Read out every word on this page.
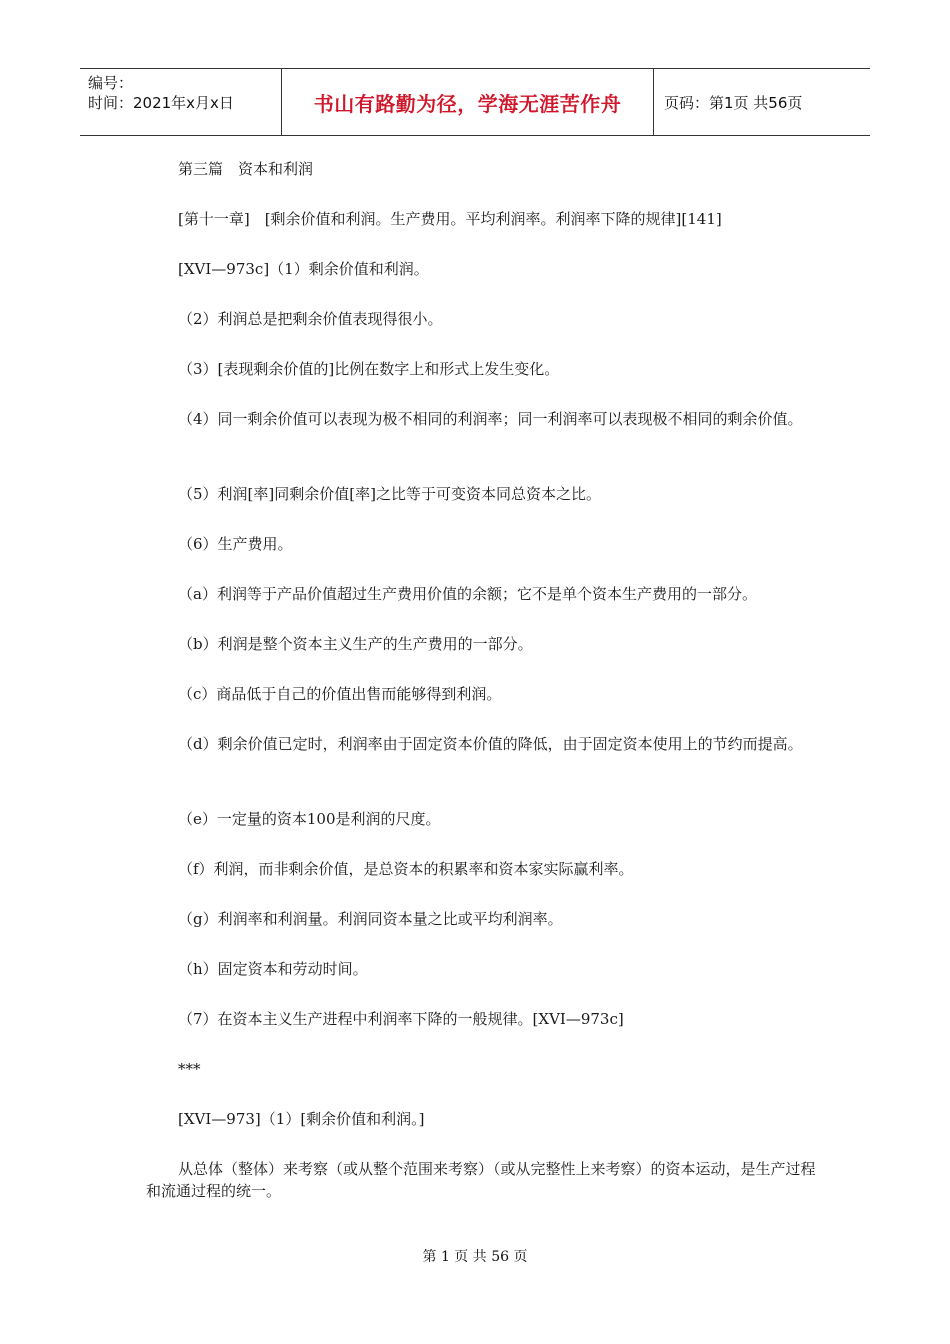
编号：
时间：2021年x月x日	书山有路勤为径，学海无涯苦作舟	页码：第1页 共56页

第三篇　资本和利润

[第十一章]　[剩余价值和利润。生产费用。平均利润率。利润率下降的规律][141]

[XVI—973c]（1）剩余价值和利润。

（2）利润总是把剩余价值表现得很小。

（3）[表现剩余价值的]比例在数字上和形式上发生变化。

（4）同一剩余价值可以表现为极不相同的利润率；同一利润率可以表现极不相同的剩余价值。

（5）利润[率]同剩余价值[率]之比等于可变资本同总资本之比。

（6）生产费用。

（a）利润等于产品价值超过生产费用价值的余额；它不是单个资本生产费用的一部分。

（b）利润是整个资本主义生产的生产费用的一部分。

（c）商品低于自己的价值出售而能够得到利润。

（d）剩余价值已定时，利润率由于固定资本价值的降低，由于固定资本使用上的节约而提高。

（e）一定量的资本100是利润的尺度。

（f）利润，而非剩余价值，是总资本的积累率和资本家实际赢利率。

（g）利润率和利润量。利润同资本量之比或平均利润率。

（h）固定资本和劳动时间。

（7）在资本主义生产进程中利润率下降的一般规律。[XVI—973c]

***

[XVI—973]（1）[剩余价值和利润。]

从总体（整体）来考察（或从整个范围来考察）（或从完整性上来考察）的资本运动，是生产过程和流通过程的统一。

第 1 页 共 56 页
